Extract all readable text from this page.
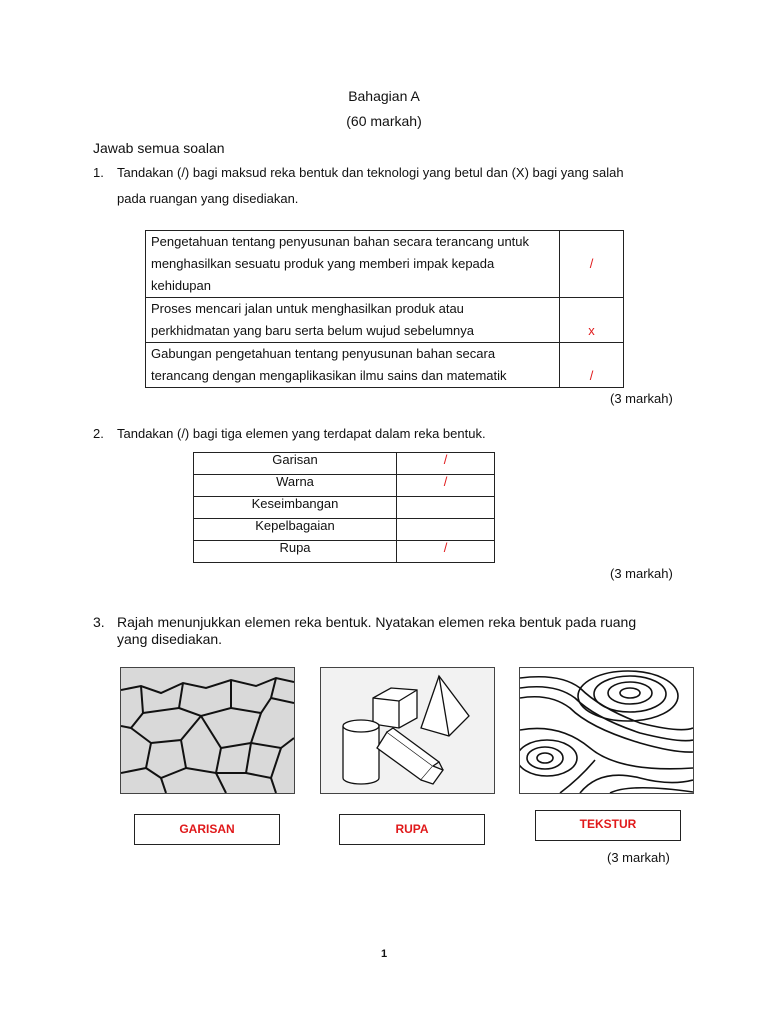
Bahagian A
(60 markah)
Jawab semua soalan
1. Tandakan (/) bagi maksud reka bentuk dan teknologi yang betul dan (X) bagi yang salah
pada ruangan yang disediakan.
Pengetahuan tentang penyusunan bahan secara terancang untuk
menghasilkan sesuatu produk yang memberi impak kepada
kehidupan	/

Proses mencari jalan untuk menghasilkan produk atau
perkhidmatan yang baru serta belum wujud sebelumnya	x

Gabungan pengetahuan tentang penyusunan bahan secara
terancang dengan mengaplikasikan ilmu sains dan matematik	/
(3 markah)
2. Tandakan (/) bagi tiga elemen yang terdapat dalam reka bentuk.
Garisan	/
Warna	/
Keseimbangan	
Kepelbagaian	
Rupa	/
(3 markah)
3. Rajah menunjukkan elemen reka bentuk. Nyatakan elemen reka bentuk pada ruang
yang disediakan.
GARISAN	RUPA	TEKSTUR
(3 markah)
1
